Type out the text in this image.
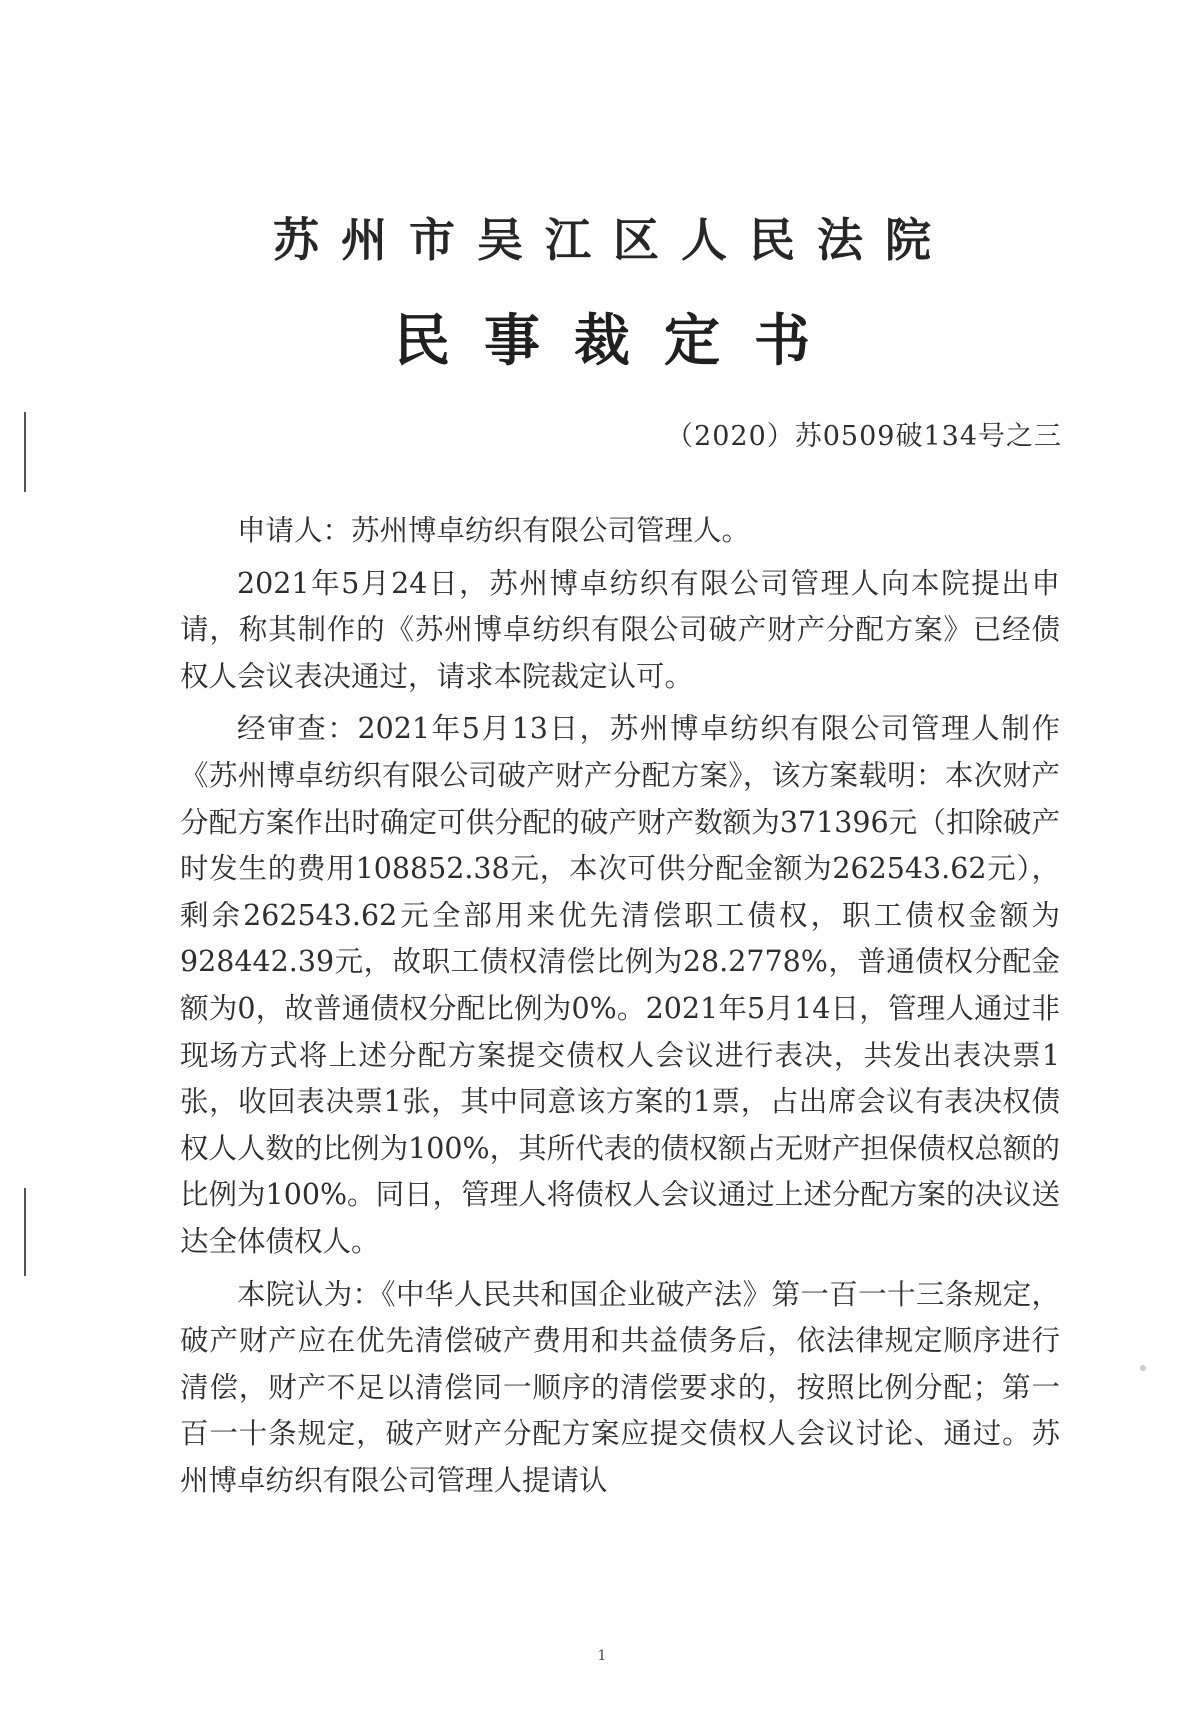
苏州市吴江区人民法院
民事裁定书
（2020）苏0509破134号之三

申请人：苏州博卓纺织有限公司管理人。

2021年5月24日，苏州博卓纺织有限公司管理人向本院提出申请，称其制作的《苏州博卓纺织有限公司破产财产分配方案》已经债权人会议表决通过，请求本院裁定认可。

经审查：2021年5月13日，苏州博卓纺织有限公司管理人制作《苏州博卓纺织有限公司破产财产分配方案》，该方案载明：本次财产分配方案作出时确定可供分配的破产财产数额为371396元（扣除破产时发生的费用108852.38元，本次可供分配金额为262543.62元），剩余262543.62元全部用来优先清偿职工债权，职工债权金额为928442.39元，故职工债权清偿比例为28.2778%，普通债权分配金额为0，故普通债权分配比例为0%。2021年5月14日，管理人通过非现场方式将上述分配方案提交债权人会议进行表决，共发出表决票1张，收回表决票1张，其中同意该方案的1票，占出席会议有表决权债权人人数的比例为100%，其所代表的债权额占无财产担保债权总额的比例为100%。同日，管理人将债权人会议通过上述分配方案的决议送达全体债权人。

本院认为：《中华人民共和国企业破产法》第一百一十三条规定，破产财产应在优先清偿破产费用和共益债务后，依法律规定顺序进行清偿，财产不足以清偿同一顺序的清偿要求的，按照比例分配；第一百一十条规定，破产财产分配方案应提交债权人会议讨论、通过。苏州博卓纺织有限公司管理人提请认

1
